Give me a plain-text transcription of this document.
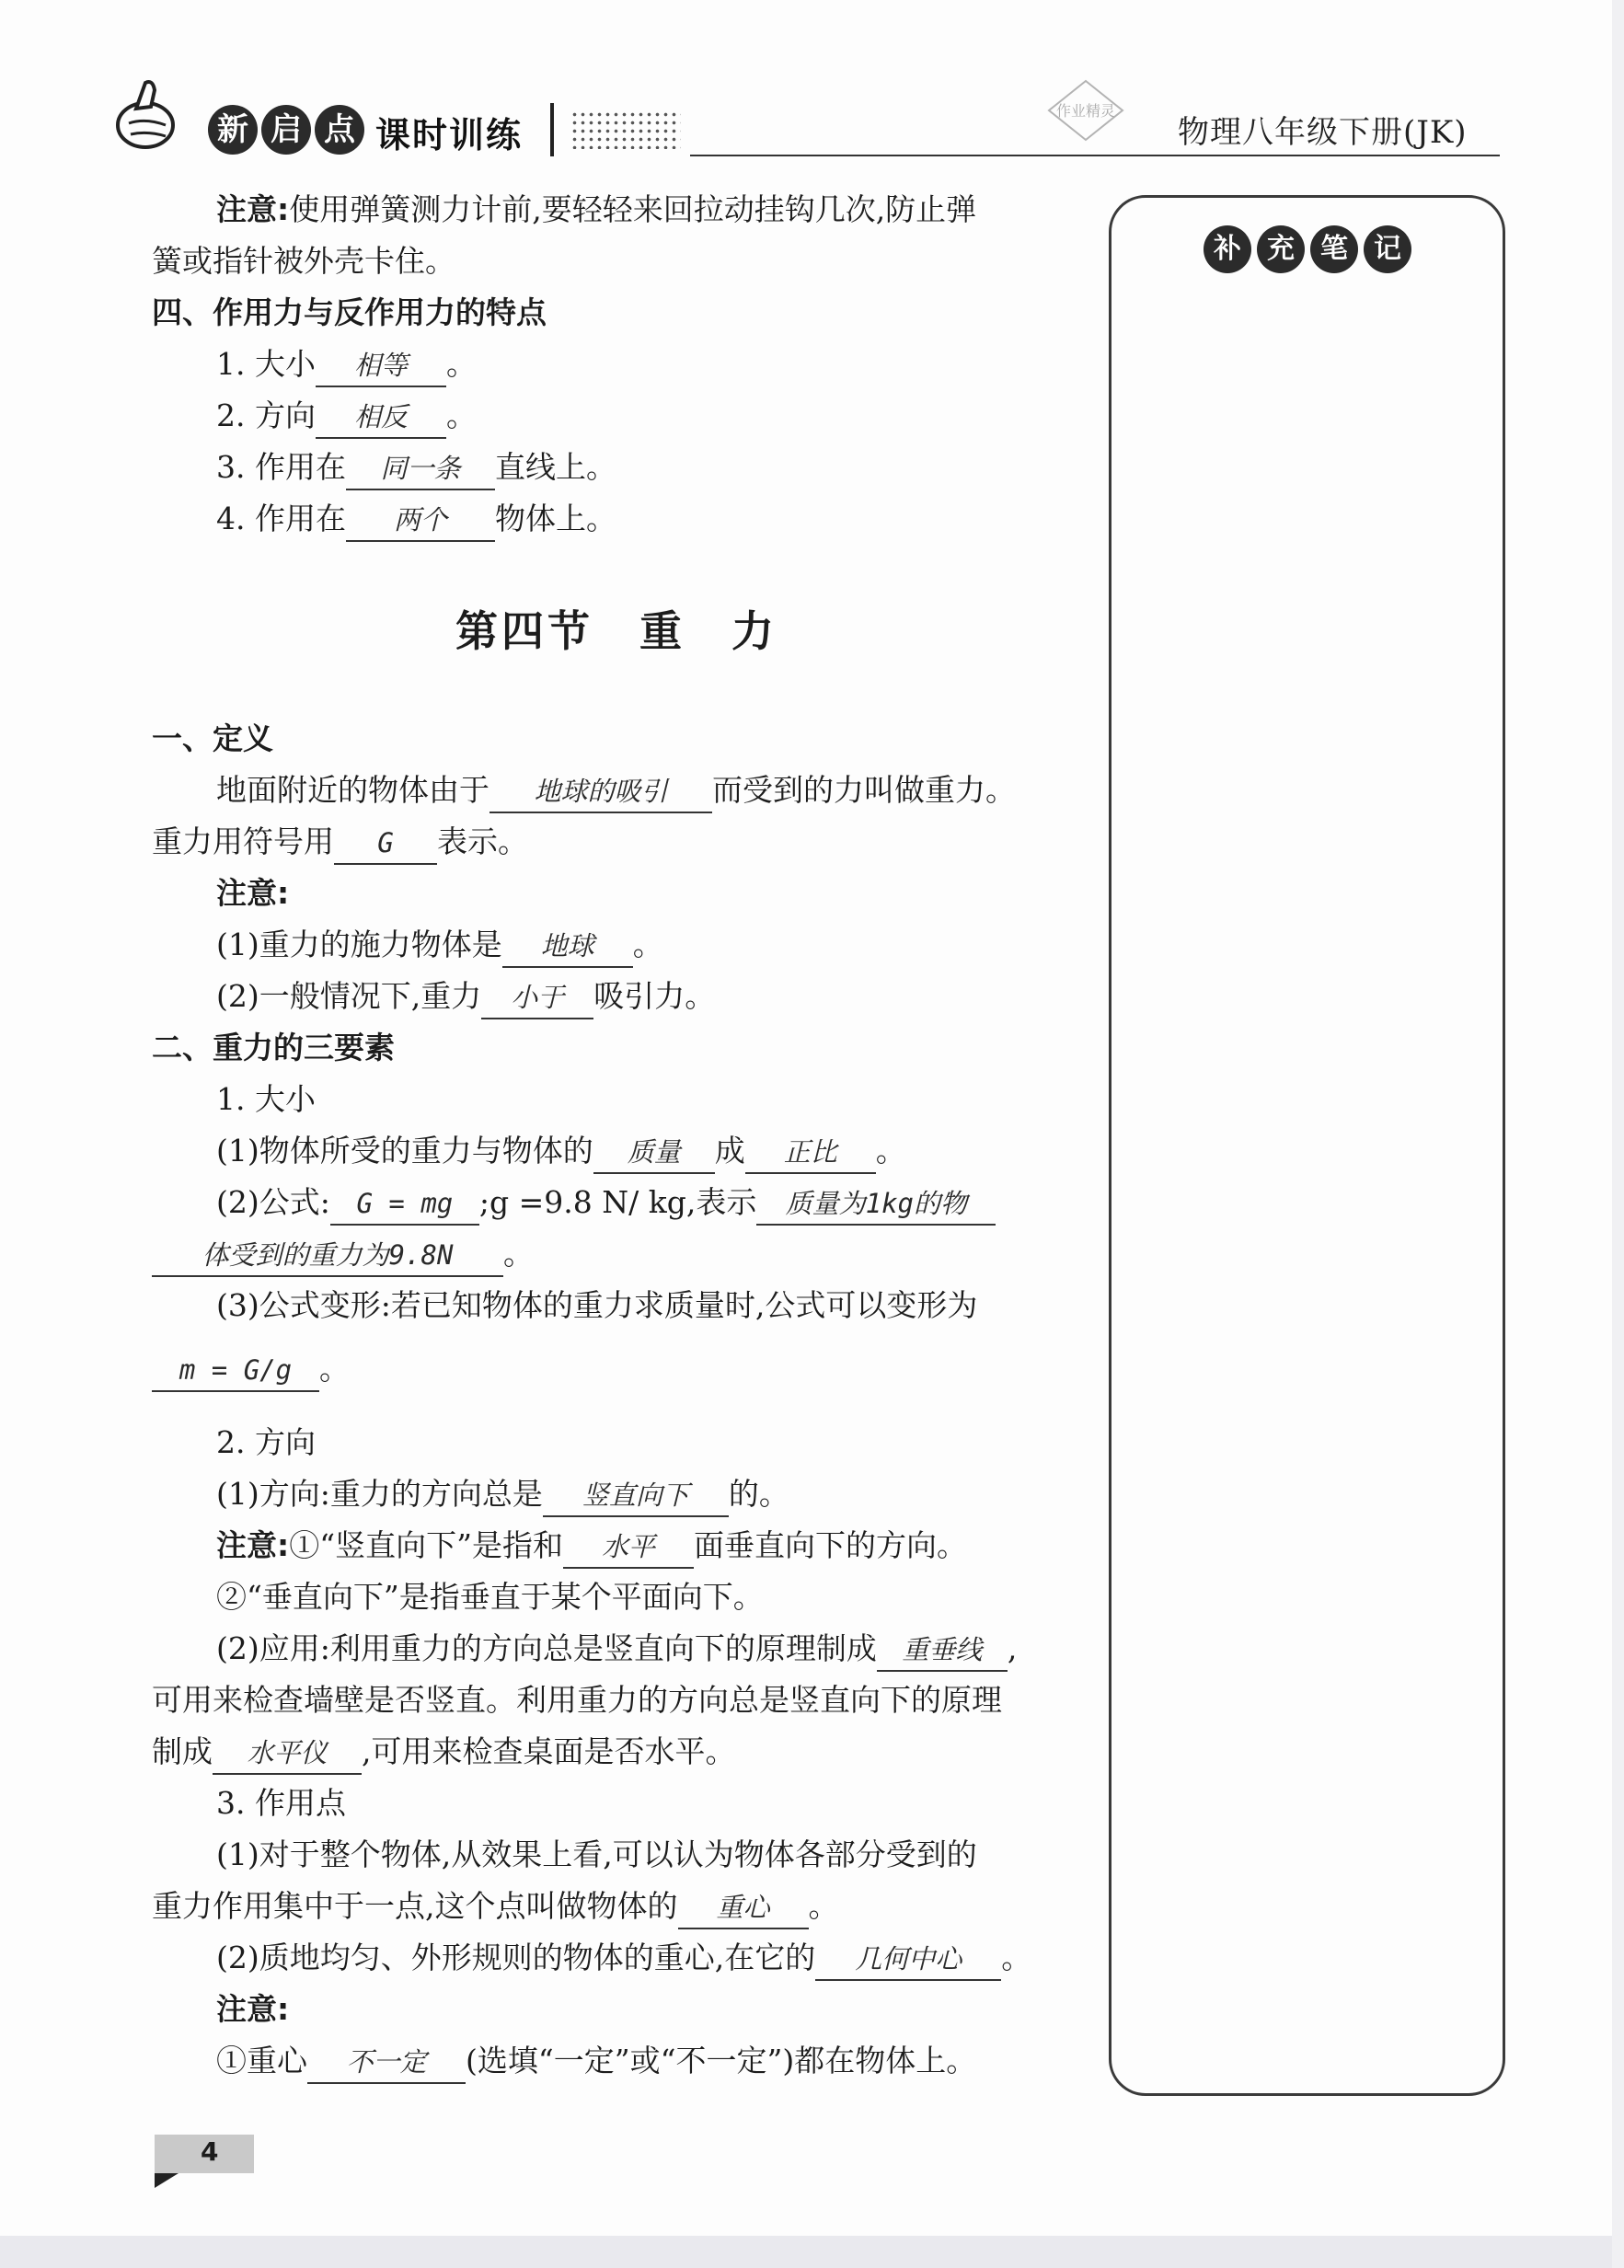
新 启 点 课时训练
作业精灵
物理八年级下册(JK)
注意:使用弹簧测力计前,要轻轻来回拉动挂钩几次,防止弹
簧或指针被外壳卡住。
四、作用力与反作用力的特点
1. 大小 相等 。
2. 方向 相反 。
3. 作用在 同一条 直线上。
4. 作用在 两个 物体上。
一、定义
地面附近的物体由于 地球的吸引 而受到的力叫做重力。
重力用符号用 G 表示。
注意:
(1)重力的施力物体是 地球 。
(2)一般情况下,重力 小于 吸引力。
二、重力的三要素
1. 大小
(1)物体所受的重力与物体的 质量 成 正比 。
(2)公式: G = mg ;g =9.8 N/ kg,表示 质量为1kg的物
体受到的重力为9.8N 。
(3)公式变形:若已知物体的重力求质量时,公式可以变形为
m = G/g 。
2. 方向
(1)方向:重力的方向总是 竖直向下 的。
注意:①“竖直向下”是指和 水平 面垂直向下的方向。
②“垂直向下”是指垂直于某个平面向下。
(2)应用:利用重力的方向总是竖直向下的原理制成 重垂线 ,
可用来检查墙壁是否竖直。利用重力的方向总是竖直向下的原理
制成 水平仪 ,可用来检查桌面是否水平。
3. 作用点
(1)对于整个物体,从效果上看,可以认为物体各部分受到的
重力作用集中于一点,这个点叫做物体的 重心 。
(2)质地均匀、外形规则的物体的重心,在它的 几何中心 。
注意:
①重心 不一定 (选填“一定”或“不一定”)都在物体上。
第四节　重　力
补 充 笔 记
4
